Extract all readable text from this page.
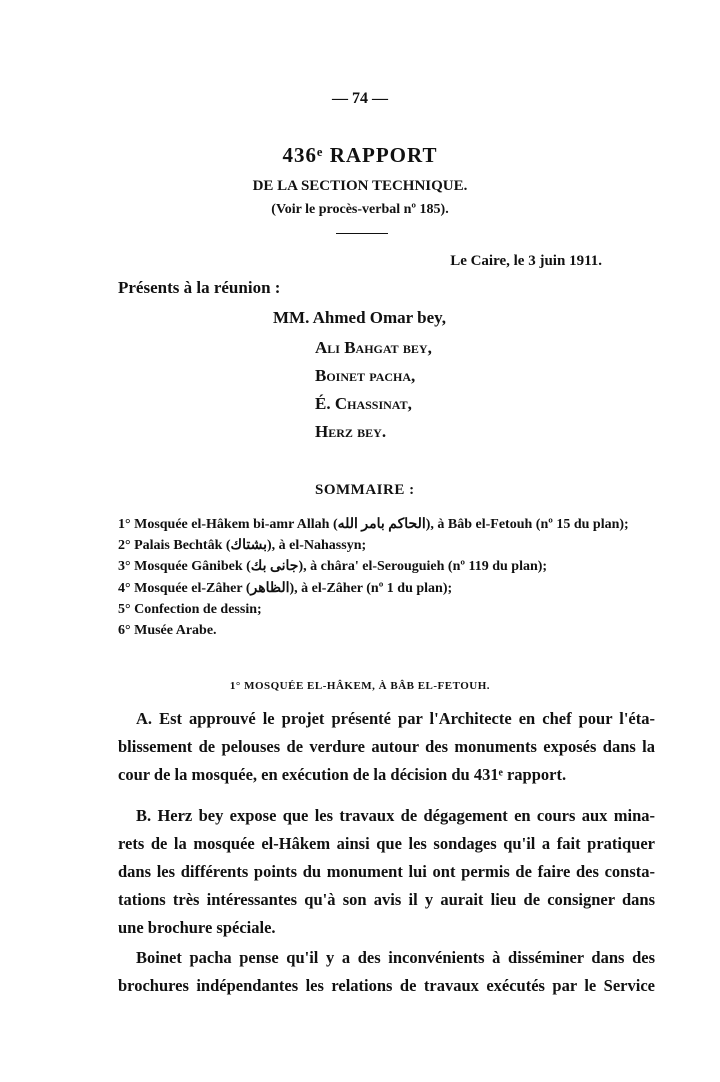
— 74 —
436ᵉ RAPPORT
DE LA SECTION TECHNIQUE.
(Voir le procès-verbal nº 185).
Le Caire, le 3 juin 1911.
Présents à la réunion :
MM. Ahmed Omar bey,
Ali Bahgat bey,
Boinet pacha,
É. Chassinat,
Herz bey.
SOMMAIRE :
1° Mosquée el-Hâkem bi-amr Allah (الحاكم بامر الله), à Bâb el-Fetouh (nº 15 du plan);
2° Palais Bechtâk (بشتاك), à el-Nahassyn;
3° Mosquée Gânibek (جانى بك), à châra' el-Serouguieh (nº 119 du plan);
4° Mosquée el-Zâher (الظاهر), à el-Zâher (nº 1 du plan);
5° Confection de dessin;
6° Musée Arabe.
1° MOSQUÉE EL-HÂKEM, À BÂB EL-FETOUH.
A. Est approuvé le projet présenté par l'Architecte en chef pour l'éta-
blissement de pelouses de verdure autour des monuments exposés dans la
cour de la mosquée, en exécution de la décision du 431ᵉ rapport.
B. Herz bey expose que les travaux de dégagement en cours aux mina-
rets de la mosquée el-Hâkem ainsi que les sondages qu'il a fait pratiquer
dans les différents points du monument lui ont permis de faire des consta-
tations très intéressantes qu'à son avis il y aurait lieu de consigner dans
une brochure spéciale.
Boinet pacha pense qu'il y a des inconvénients à disséminer dans des
brochures indépendantes les relations de travaux exécutés par le Service
